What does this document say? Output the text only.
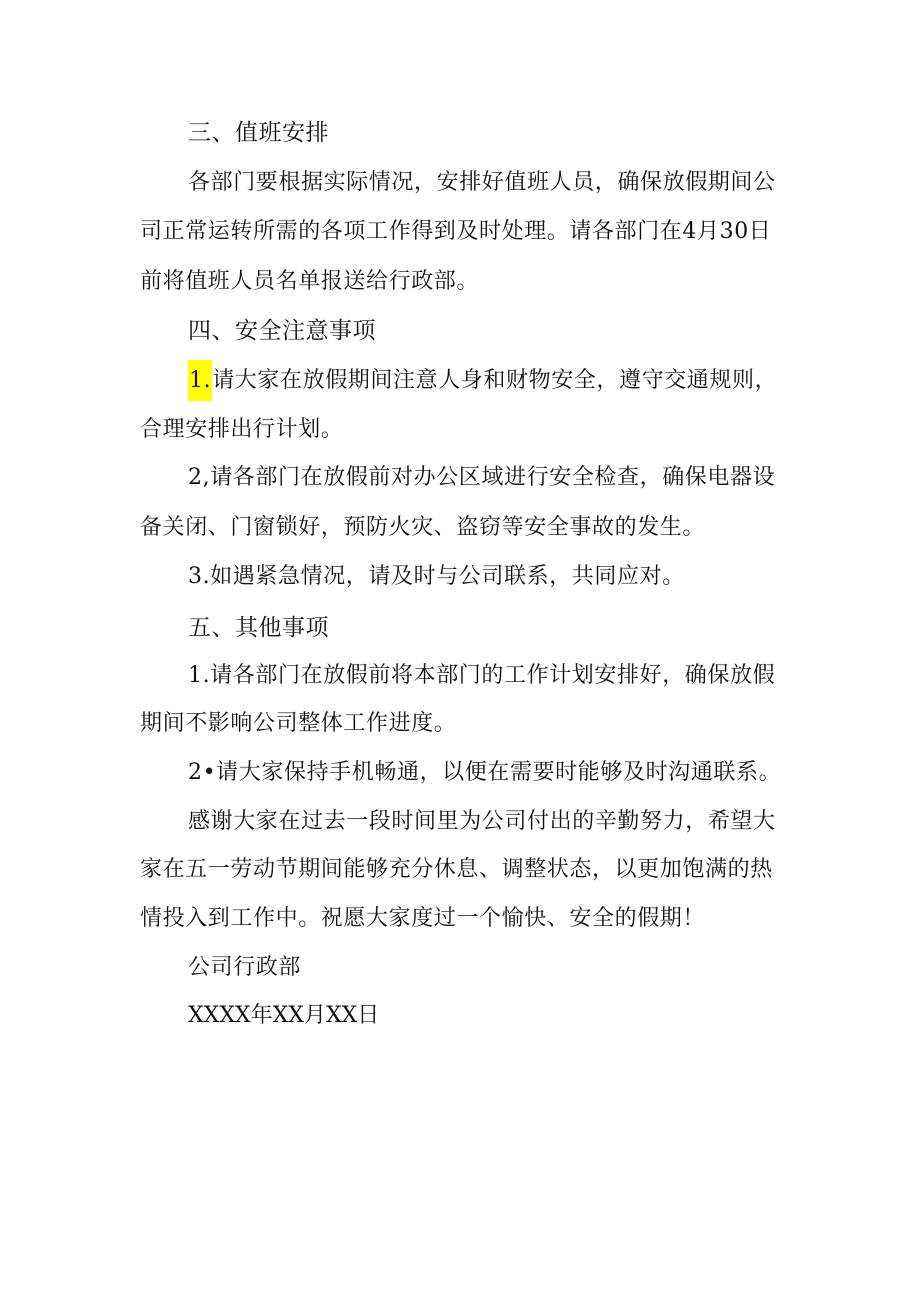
三、值班安排
各部门要根据实际情况，安排好值班人员，确保放假期间公
司正常运转所需的各项工作得到及时处理。请各部门在4月30日
前将值班人员名单报送给行政部。
四、安全注意事项
1.请大家在放假期间注意人身和财物安全，遵守交通规则，
合理安排出行计划。
2,请各部门在放假前对办公区域进行安全检查，确保电器设
备关闭、门窗锁好，预防火灾、盗窃等安全事故的发生。
3.如遇紧急情况，请及时与公司联系，共同应对。
五、其他事项
1.请各部门在放假前将本部门的工作计划安排好，确保放假
期间不影响公司整体工作进度。
2•请大家保持手机畅通，以便在需要时能够及时沟通联系。
感谢大家在过去一段时间里为公司付出的辛勤努力，希望大
家在五一劳动节期间能够充分休息、调整状态，以更加饱满的热
情投入到工作中。祝愿大家度过一个愉快、安全的假期！
公司行政部
XXXX年XX月XX日
